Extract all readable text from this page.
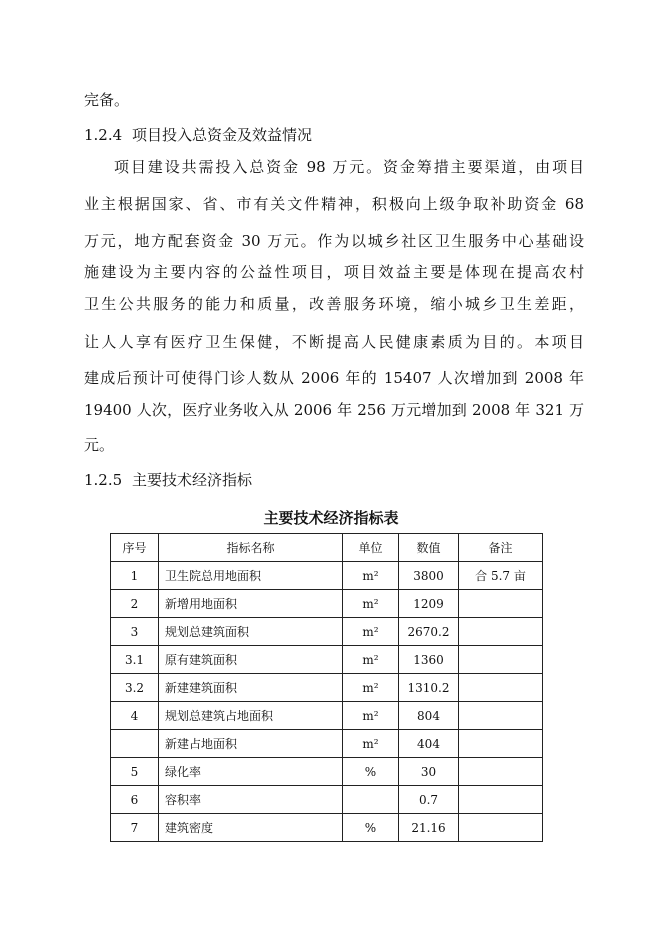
完备。
1.2.4 项目投入总资金及效益情况
项目建设共需投入总资金 98 万元。资金筹措主要渠道，由项目
业主根据国家、省、市有关文件精神，积极向上级争取补助资金 68
万元，地方配套资金 30 万元。作为以城乡社区卫生服务中心基础设
施建设为主要内容的公益性项目，项目效益主要是体现在提高农村
卫生公共服务的能力和质量，改善服务环境，缩小城乡卫生差距，
让人人享有医疗卫生保健，不断提高人民健康素质为目的。本项目
建成后预计可使得门诊人数从 2006 年的 15407 人次增加到 2008 年
19400 人次，医疗业务收入从 2006 年 256 万元增加到 2008 年 321 万
元。
1.2.5 主要技术经济指标
主要技术经济指标表
序号	指标名称	单位	数值	备注
1	卫生院总用地面积	m²	3800	合 5.7 亩
2	新增用地面积	m²	1209	
3	规划总建筑面积	m²	2670.2	
3.1	原有建筑面积	m²	1360	
3.2	新建建筑面积	m²	1310.2	
4	规划总建筑占地面积	m²	804	
	新建占地面积	m²	404	
5	绿化率	%	30	
6	容积率		0.7	
7	建筑密度	%	21.16	
